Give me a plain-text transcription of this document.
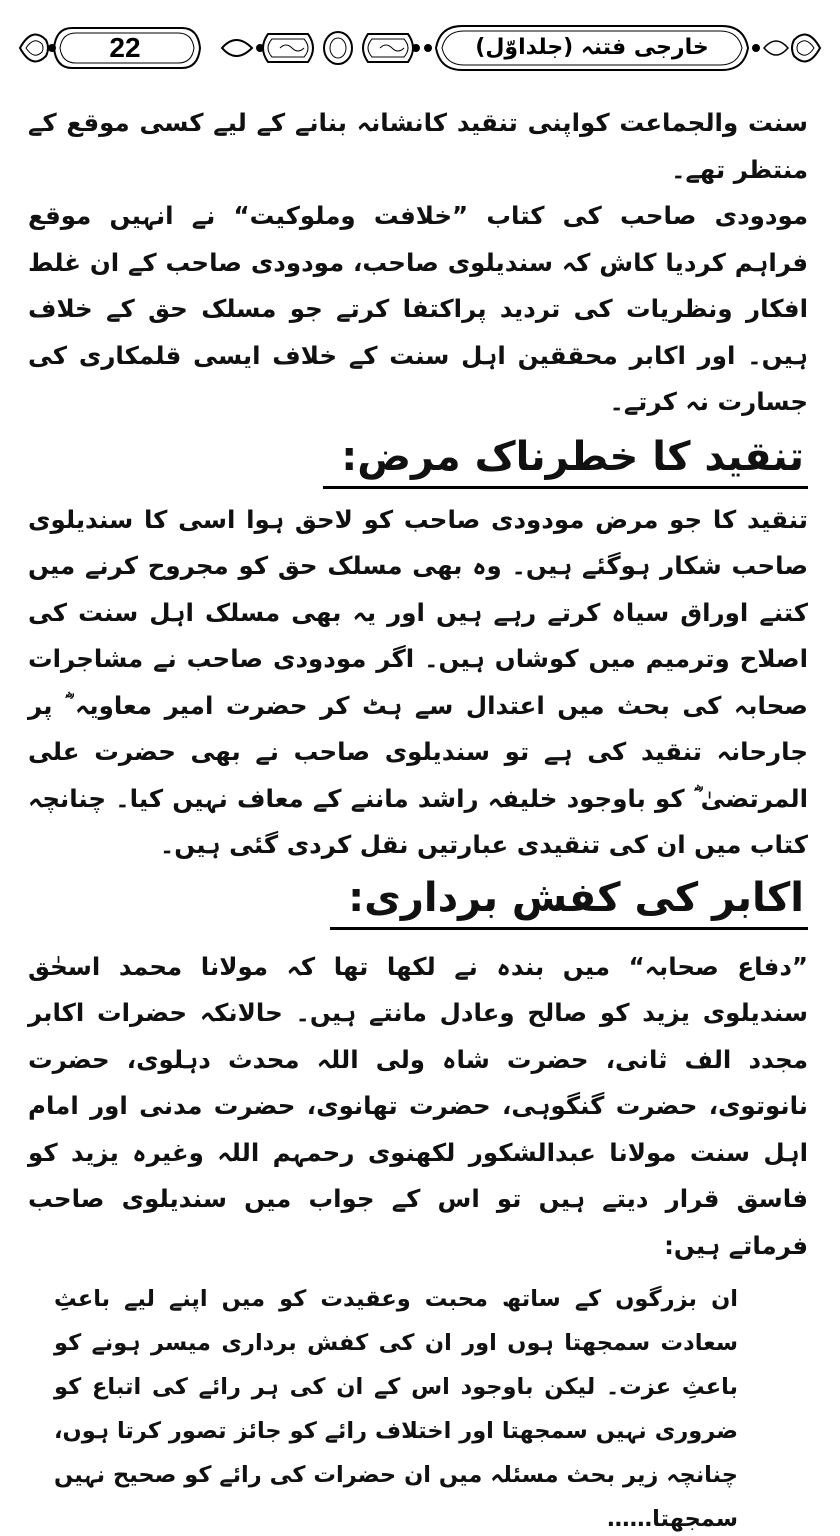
22	خارجی فتنہ (جلداوّل)

سنت والجماعت کواپنی تنقید کانشانہ بنانے کے لیے کسی موقع کے منتظر تھے۔

مودودی صاحب کی کتاب ”خلافت وملوکیت“ نے انہیں موقع فراہم کردیا کاش کہ سندیلوی صاحب، مودودی صاحب کے ان غلط افکار ونظریات کی تردید پراکتفا کرتے جو مسلک حق کے خلاف ہیں۔ اور اکابر محققین اہل سنت کے خلاف ایسی قلمکاری کی جسارت نہ کرتے۔

تنقید کا خطرناک مرض:

تنقید کا جو مرض مودودی صاحب کو لاحق ہوا اسی کا سندیلوی صاحب شکار ہوگئے ہیں۔ وہ بھی مسلک حق کو مجروح کرنے میں کتنے اوراق سیاہ کرتے رہے ہیں اور یہ بھی مسلک اہل سنت کی اصلاح وترمیم میں کوشاں ہیں۔ اگر مودودی صاحب نے مشاجرات صحابہ کی بحث میں اعتدال سے ہٹ کر حضرت امیر معاویہ ؓ پر جارحانہ تنقید کی ہے تو سندیلوی صاحب نے بھی حضرت علی المرتضیٰ ؓ کو باوجود خلیفہ راشد ماننے کے معاف نہیں کیا۔ چنانچہ کتاب میں ان کی تنقیدی عبارتیں نقل کردی گئی ہیں۔

اکابر کی کفش برداری:

”دفاع صحابہ“ میں بندہ نے لکھا تھا کہ مولانا محمد اسحٰق سندیلوی یزید کو صالح وعادل مانتے ہیں۔ حالانکہ حضرات اکابر مجدد الف ثانی، حضرت شاہ ولی اللہ محدث دہلوی، حضرت نانوتوی، حضرت گنگوہی، حضرت تھانوی، حضرت مدنی اور امام اہل سنت مولانا عبدالشکور لکھنوی رحمہم اللہ وغیرہ یزید کو فاسق قرار دیتے ہیں تو اس کے جواب میں سندیلوی صاحب فرماتے ہیں:

ان بزرگوں کے ساتھ محبت وعقیدت کو میں اپنے لیے باعثِ سعادت سمجھتا ہوں اور ان کی کفش برداری میسر ہونے کو باعثِ عزت۔ لیکن باوجود اس کے ان کی ہر رائے کی اتباع کو ضروری نہیں سمجھتا اور اختلاف رائے کو جائز تصور کرتا ہوں، چنانچہ زیر بحث مسئلہ میں ان حضرات کی رائے کو صحیح نہیں سمجھتا……
